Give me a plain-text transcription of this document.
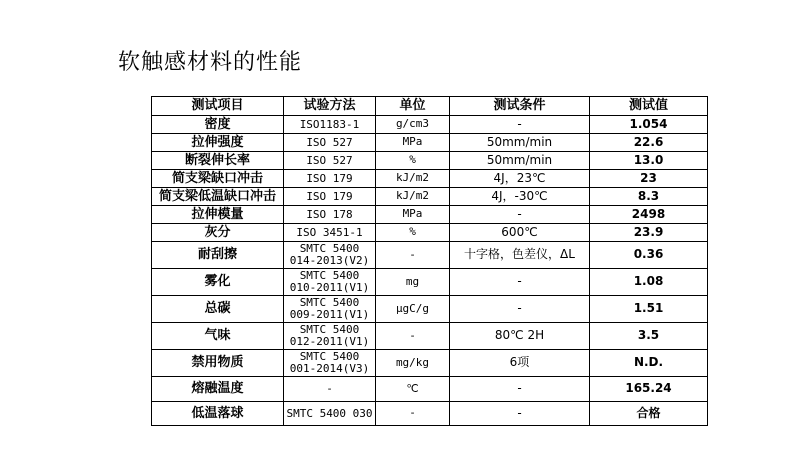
软触感材料的性能
测试项目	试验方法	单位	测试条件	测试值
密度	ISO1183-1	g/cm3	-	1.054
拉伸强度	ISO 527	MPa	50mm/min	22.6
断裂伸长率	ISO 527	%	50mm/min	13.0
简支梁缺口冲击	ISO 179	kJ/m2	4J，23℃	23
简支梁低温缺口冲击	ISO 179	kJ/m2	4J，-30℃	8.3
拉伸模量	ISO 178	MPa	-	2498
灰分	ISO 3451-1	%	600℃	23.9
耐刮擦	SMTC 5400 014-2013(V2)	-	十字格，色差仪，ΔL	0.36
雾化	SMTC 5400 010-2011(V1)	mg	-	1.08
总碳	SMTC 5400 009-2011(V1)	μgC/g	-	1.51
气味	SMTC 5400 012-2011(V1)	-	80℃ 2H	3.5
禁用物质	SMTC 5400 001-2014(V3)	mg/kg	6项	N.D.
熔融温度	-	℃	-	165.24
低温落球	SMTC 5400 030	-	-	合格
